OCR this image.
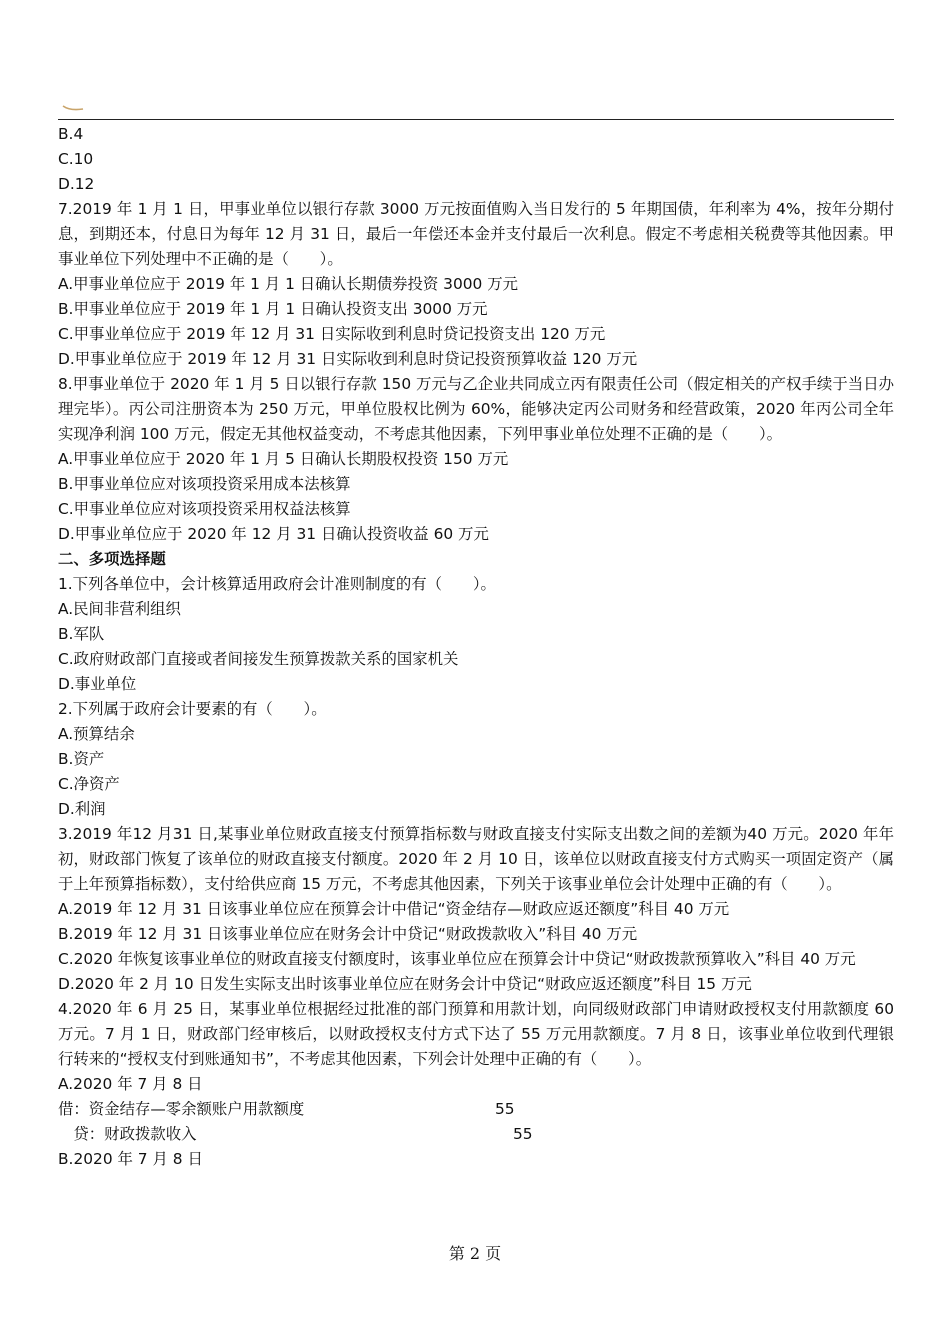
B.4
C.10
D.12
7.2019 年 1 月 1 日，甲事业单位以银行存款 3000 万元按面值购入当日发行的 5 年期国债，年利率为 4%，按年分期付息，到期还本，付息日为每年 12 月 31 日，最后一年偿还本金并支付最后一次利息。假定不考虑相关税费等其他因素。甲事业单位下列处理中不正确的是（　　）。
A.甲事业单位应于 2019 年 1 月 1 日确认长期债券投资 3000 万元
B.甲事业单位应于 2019 年 1 月 1 日确认投资支出 3000 万元
C.甲事业单位应于 2019 年 12 月 31 日实际收到利息时贷记投资支出 120 万元
D.甲事业单位应于 2019 年 12 月 31 日实际收到利息时贷记投资预算收益 120 万元
8.甲事业单位于 2020 年 1 月 5 日以银行存款 150 万元与乙企业共同成立丙有限责任公司（假定相关的产权手续于当日办理完毕）。丙公司注册资本为 250 万元，甲单位股权比例为 60%，能够决定丙公司财务和经营政策，2020 年丙公司全年实现净利润 100 万元，假定无其他权益变动，不考虑其他因素，下列甲事业单位处理不正确的是（　　）。
A.甲事业单位应于 2020 年 1 月 5 日确认长期股权投资 150 万元
B.甲事业单位应对该项投资采用成本法核算
C.甲事业单位应对该项投资采用权益法核算
D.甲事业单位应于 2020 年 12 月 31 日确认投资收益 60 万元
二、多项选择题
1.下列各单位中，会计核算适用政府会计准则制度的有（　　）。
A.民间非营利组织
B.军队
C.政府财政部门直接或者间接发生预算拨款关系的国家机关
D.事业单位
2.下列属于政府会计要素的有（　　）。
A.预算结余
B.资产
C.净资产
D.利润
3.2019 年12 月31 日,某事业单位财政直接支付预算指标数与财政直接支付实际支出数之间的差额为40 万元。2020 年年初，财政部门恢复了该单位的财政直接支付额度。2020 年 2 月 10 日，该单位以财政直接支付方式购买一项固定资产（属于上年预算指标数），支付给供应商 15 万元，不考虑其他因素，下列关于该事业单位会计处理中正确的有（　　）。
A.2019 年 12 月 31 日该事业单位应在预算会计中借记“资金结存—财政应返还额度”科目 40 万元
B.2019 年 12 月 31 日该事业单位应在财务会计中贷记“财政拨款收入”科目 40 万元
C.2020 年恢复该事业单位的财政直接支付额度时，该事业单位应在预算会计中贷记“财政拨款预算收入”科目 40 万元
D.2020 年 2 月 10 日发生实际支出时该事业单位应在财务会计中贷记“财政应返还额度”科目 15 万元
4.2020 年 6 月 25 日，某事业单位根据经过批准的部门预算和用款计划，向同级财政部门申请财政授权支付用款额度 60 万元。7 月 1 日，财政部门经审核后，以财政授权支付方式下达了 55 万元用款额度。7 月 8 日，该事业单位收到代理银行转来的“授权支付到账通知书”，不考虑其他因素，下列会计处理中正确的有（　　）。
A.2020 年 7 月 8 日
借：资金结存—零余额账户用款额度	55
　贷：财政拨款收入	55
B.2020 年 7 月 8 日
第 2 页
